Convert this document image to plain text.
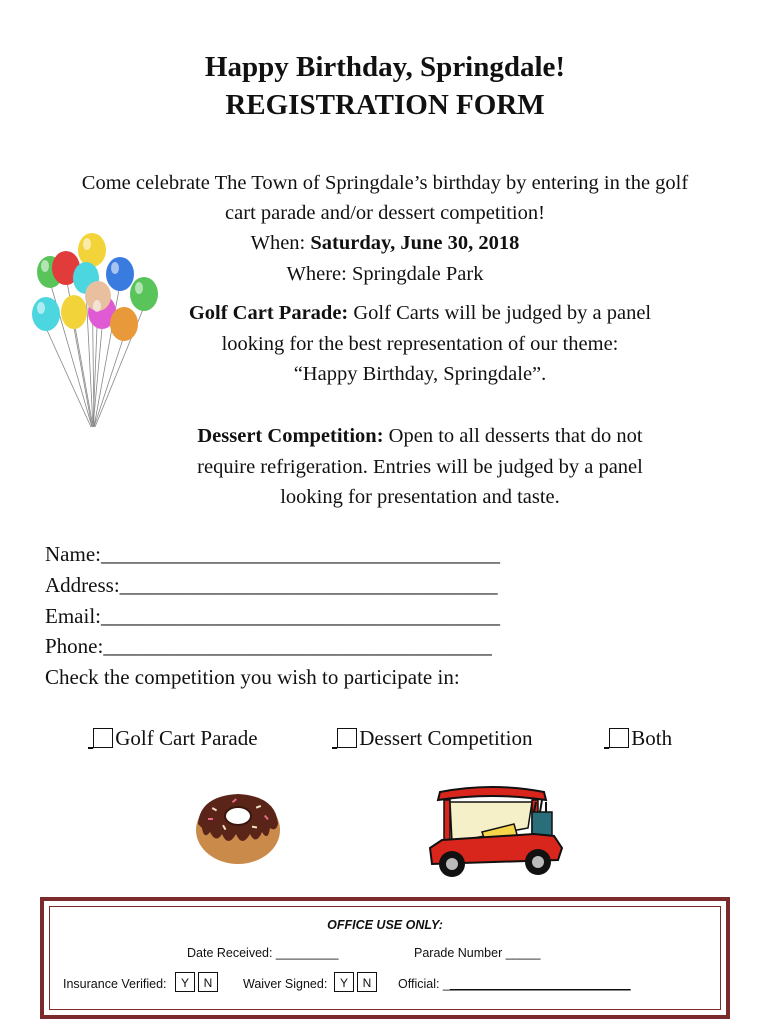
Happy Birthday, Springdale!
REGISTRATION FORM
Come celebrate The Town of Springdale’s birthday by entering in the golf
cart parade and/or dessert competition!
When: Saturday, June 30, 2018
Where: Springdale Park
Golf Cart Parade: Golf Carts will be judged by a panel
looking for the best representation of our theme:
“Happy Birthday, Springdale”.
Dessert Competition: Open to all desserts that do not
require refrigeration. Entries will be judged by a panel
looking for presentation and taste.
Name:______________________________________
Address:____________________________________
Email:______________________________________
Phone:_____________________________________
Check the competition you wish to participate in:
Golf Cart Parade	Dessert Competition	Both
OFFICE USE ONLY:
Date Received: _________	Parade Number _____
Insurance Verified:	Y N	Waiver Signed:	Y N	Official: ___________________________
